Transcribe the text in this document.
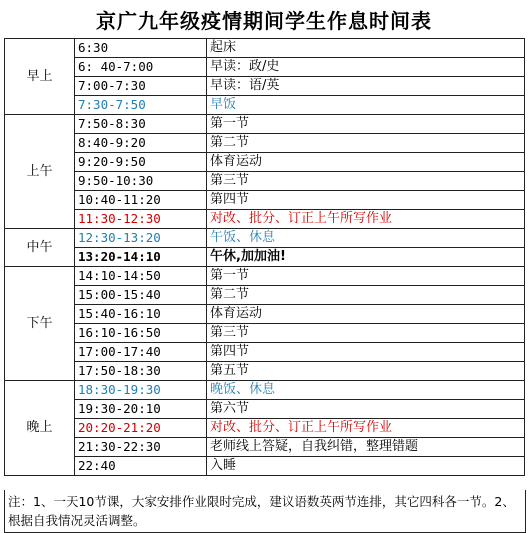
京广九年级疫情期间学生作息时间表
早上	6:30	起床
	6: 40-7:00	早读：政/史
	7:00-7:30	早读：语/英
	7:30-7:50	早饭
上午	7:50-8:30	第一节
	8:40-9:20	第二节
	9:20-9:50	体育运动
	9:50-10:30	第三节
	10:40-11:20	第四节
	11:30-12:30	对改、批分、订正上午所写作业
中午	12:30-13:20	午饭、休息
	13:20-14:10	午休,加加油!
下午	14:10-14:50	第一节
	15:00-15:40	第二节
	15:40-16:10	体育运动
	16:10-16:50	第三节
	17:00-17:40	第四节
	17:50-18:30	第五节
晚上	18:30-19:30	晚饭、休息
	19:30-20:10	第六节
	20:20-21:20	对改、批分、订正上午所写作业
	21:30-22:30	老师线上答疑，自我纠错，整理错题
	22:40	入睡
注：1、一天10节课，大家安排作业限时完成，建议语数英两节连排，其它四科各一节。2、根据自我情况灵活调整。
